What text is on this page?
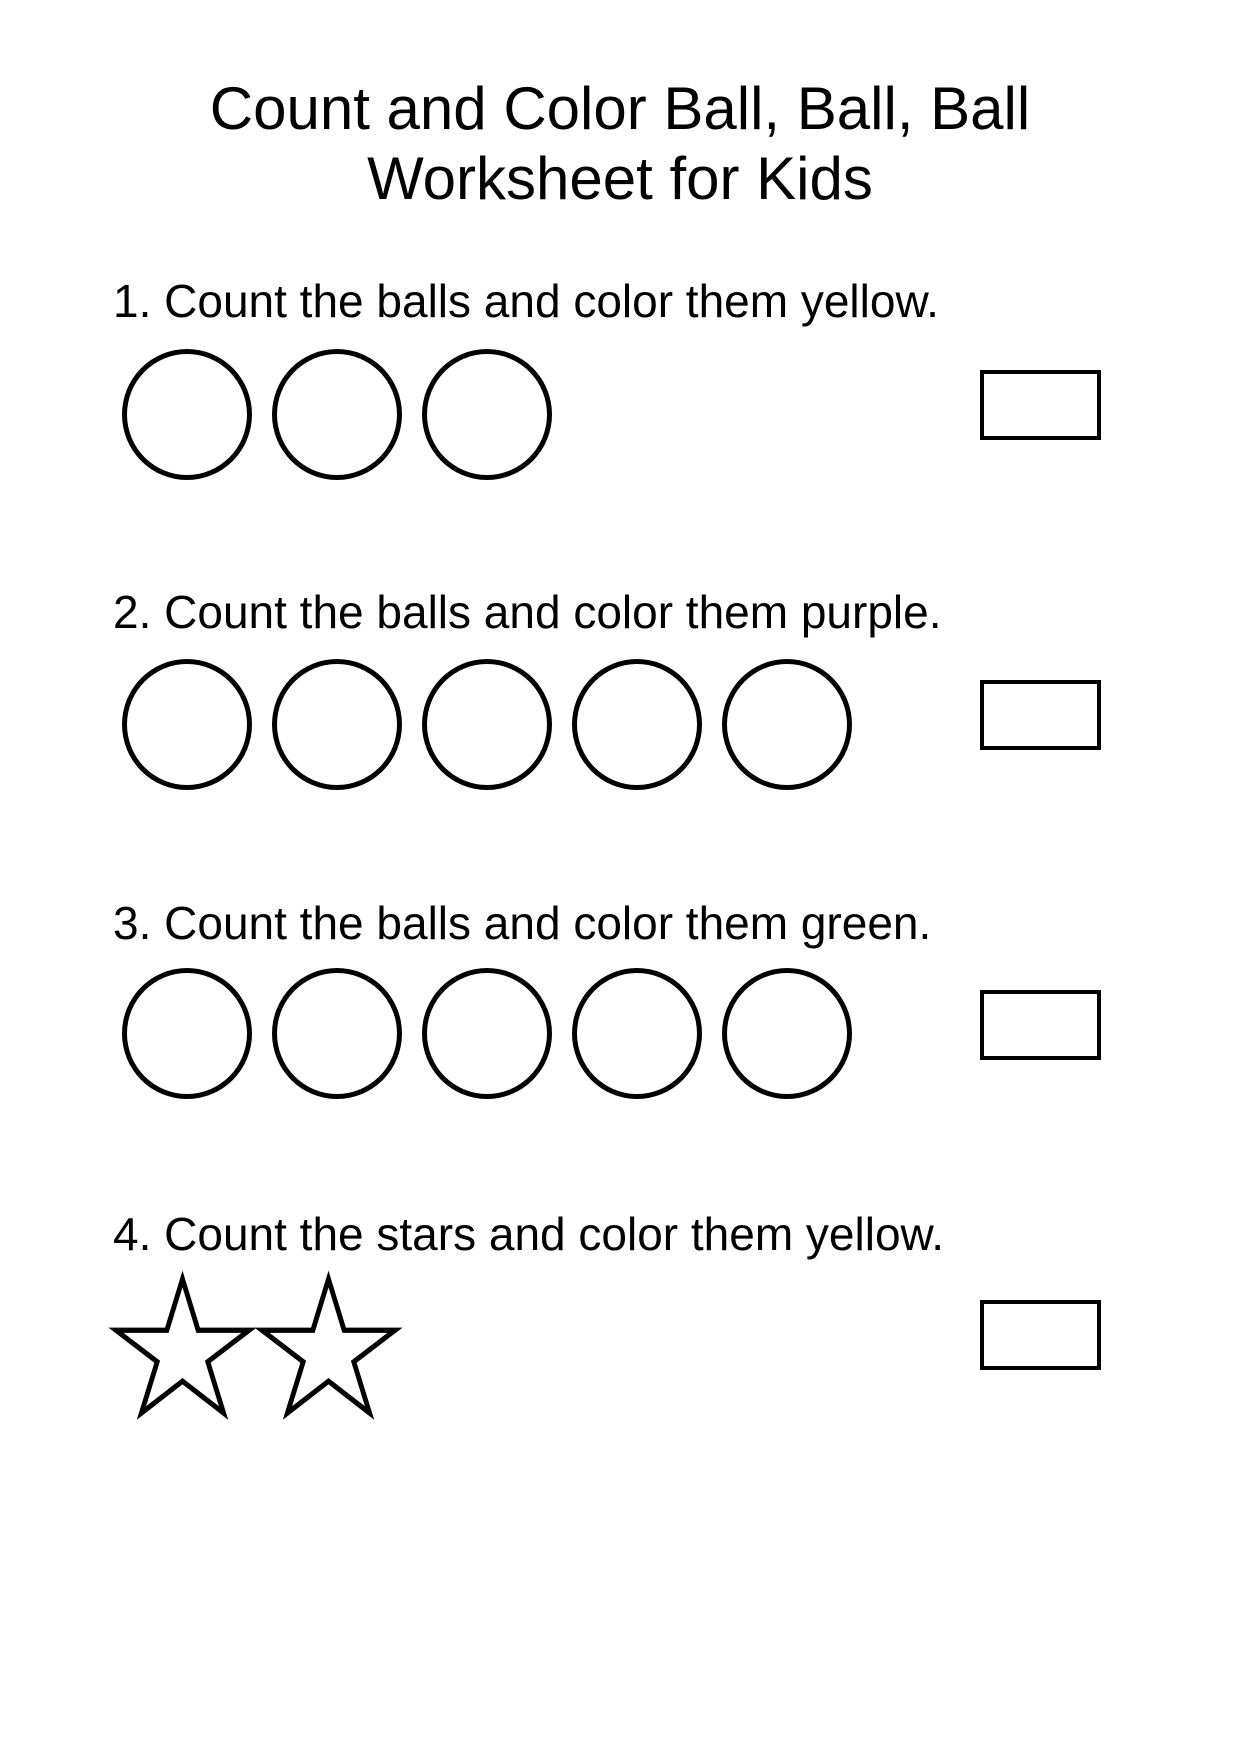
Count and Color Ball, Ball, Ball
Worksheet for Kids
1. Count the balls and color them yellow.
2. Count the balls and color them purple.
3. Count the balls and color them green.
4. Count the stars and color them yellow.
